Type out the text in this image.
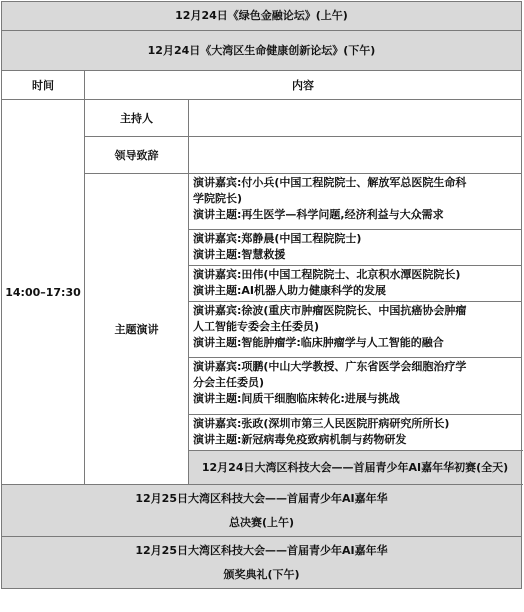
12月24日《绿色金融论坛》(上午)		
12月24日《大湾区生命健康创新论坛》(下午)		
时间	内容	
14:00–17:30	主持人	
	领导致辞	
	主题演讲	演讲嘉宾:付小兵(中国工程院院士、解放军总医院生命科
学院院长)
演讲主题:再生医学—科学问题,经济利益与大众需求

		演讲嘉宾:郑静晨(中国工程院院士)
演讲主题:智慧救援

		演讲嘉宾:田伟(中国工程院院士、北京积水潭医院院长)
演讲主题:AI机器人助力健康科学的发展

		演讲嘉宾:徐波(重庆市肿瘤医院院长、中国抗癌协会肿瘤
人工智能专委会主任委员)
演讲主题:智能肿瘤学:临床肿瘤学与人工智能的融合

		演讲嘉宾:项鹏(中山大学教授、广东省医学会细胞治疗学
分会主任委员)
演讲主题:间质干细胞临床转化:进展与挑战

		演讲嘉宾:张政(深圳市第三人民医院肝病研究所所长)
演讲主题:新冠病毒免疫致病机制与药物研发

		12月24日大湾区科技大会——首届青少年AI嘉年华初赛(全天)

12月25日大湾区科技大会——首届青少年AI嘉年华
总决赛(上午)		

12月25日大湾区科技大会——首届青少年AI嘉年华
颁奖典礼(下午)		
